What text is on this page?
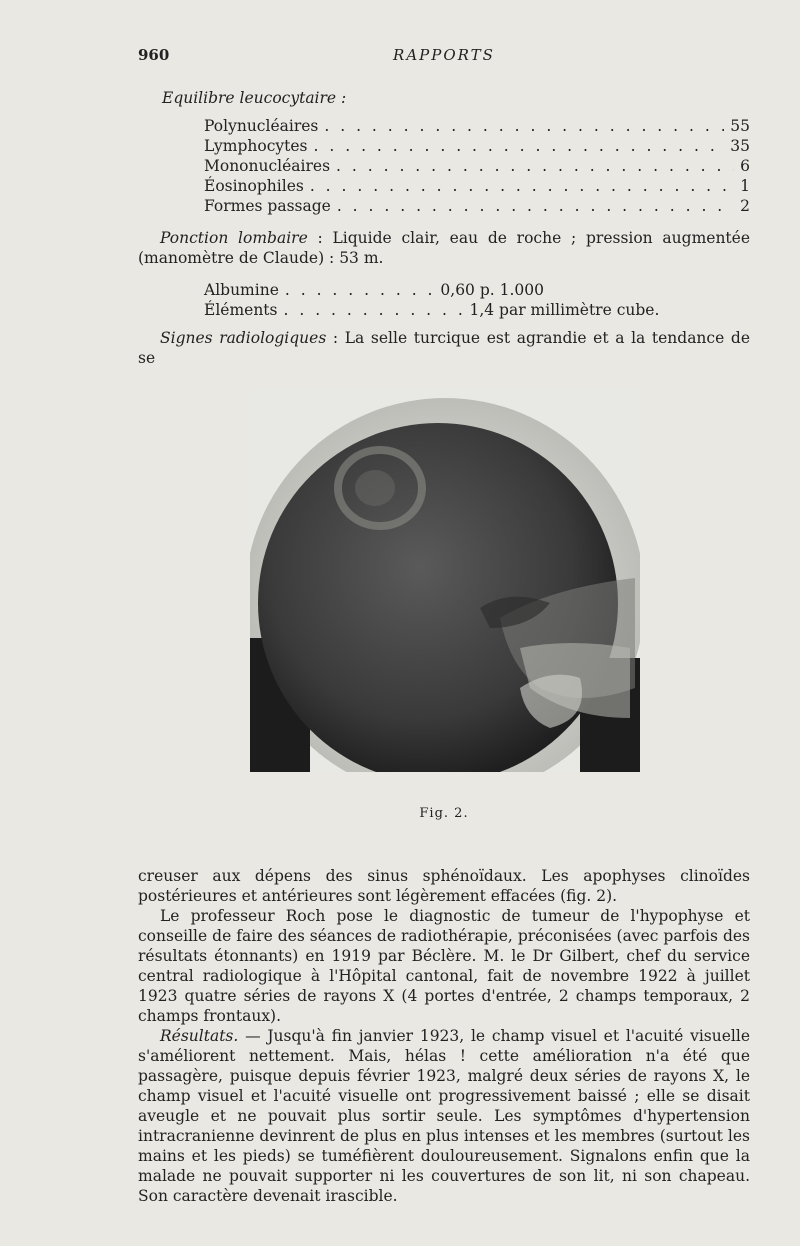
960	RAPPORTS
Equilibre leucocytaire :
Polynucléaires . . .	55
Lymphocytes . . .	35
Mononucléaires . . .	6
Éosinophiles . . .	1
Formes passage . . .	2

Ponction lombaire : Liquide clair, eau de roche ; pression augmentée (manomètre de Claude) : 53 m.

Albumine . . .	0,60 p. 1.000
Éléments . . .	1,4 par millimètre cube.

Signes radiologiques : La selle turcique est agrandie et a la tendance de se

Fig. 2.

creuser aux dépens des sinus sphénoïdaux. Les apophyses clinoïdes postérieures et antérieures sont légèrement effacées (fig. 2).

Le professeur Roch pose le diagnostic de tumeur de l'hypophyse et conseille de faire des séances de radiothérapie, préconisées (avec parfois des résultats étonnants) en 1919 par Béclère. M. le Dr Gilbert, chef du service central radiologique à l'Hôpital cantonal, fait de novembre 1922 à juillet 1923 quatre séries de rayons X (4 portes d'entrée, 2 champs temporaux, 2 champs frontaux).

Résultats. — Jusqu'à fin janvier 1923, le champ visuel et l'acuité visuelle s'améliorent nettement. Mais, hélas ! cette amélioration n'a été que passagère, puisque depuis février 1923, malgré deux séries de rayons X, le champ visuel et l'acuité visuelle ont progressivement baissé ; elle se disait aveugle et ne pouvait plus sortir seule. Les symptômes d'hypertension intracranienne devinrent de plus en plus intenses et les membres (surtout les mains et les pieds) se tuméfièrent douloureusement. Signalons enfin que la malade ne pouvait supporter ni les couvertures de son lit, ni son chapeau. Son caractère devenait irascible.
